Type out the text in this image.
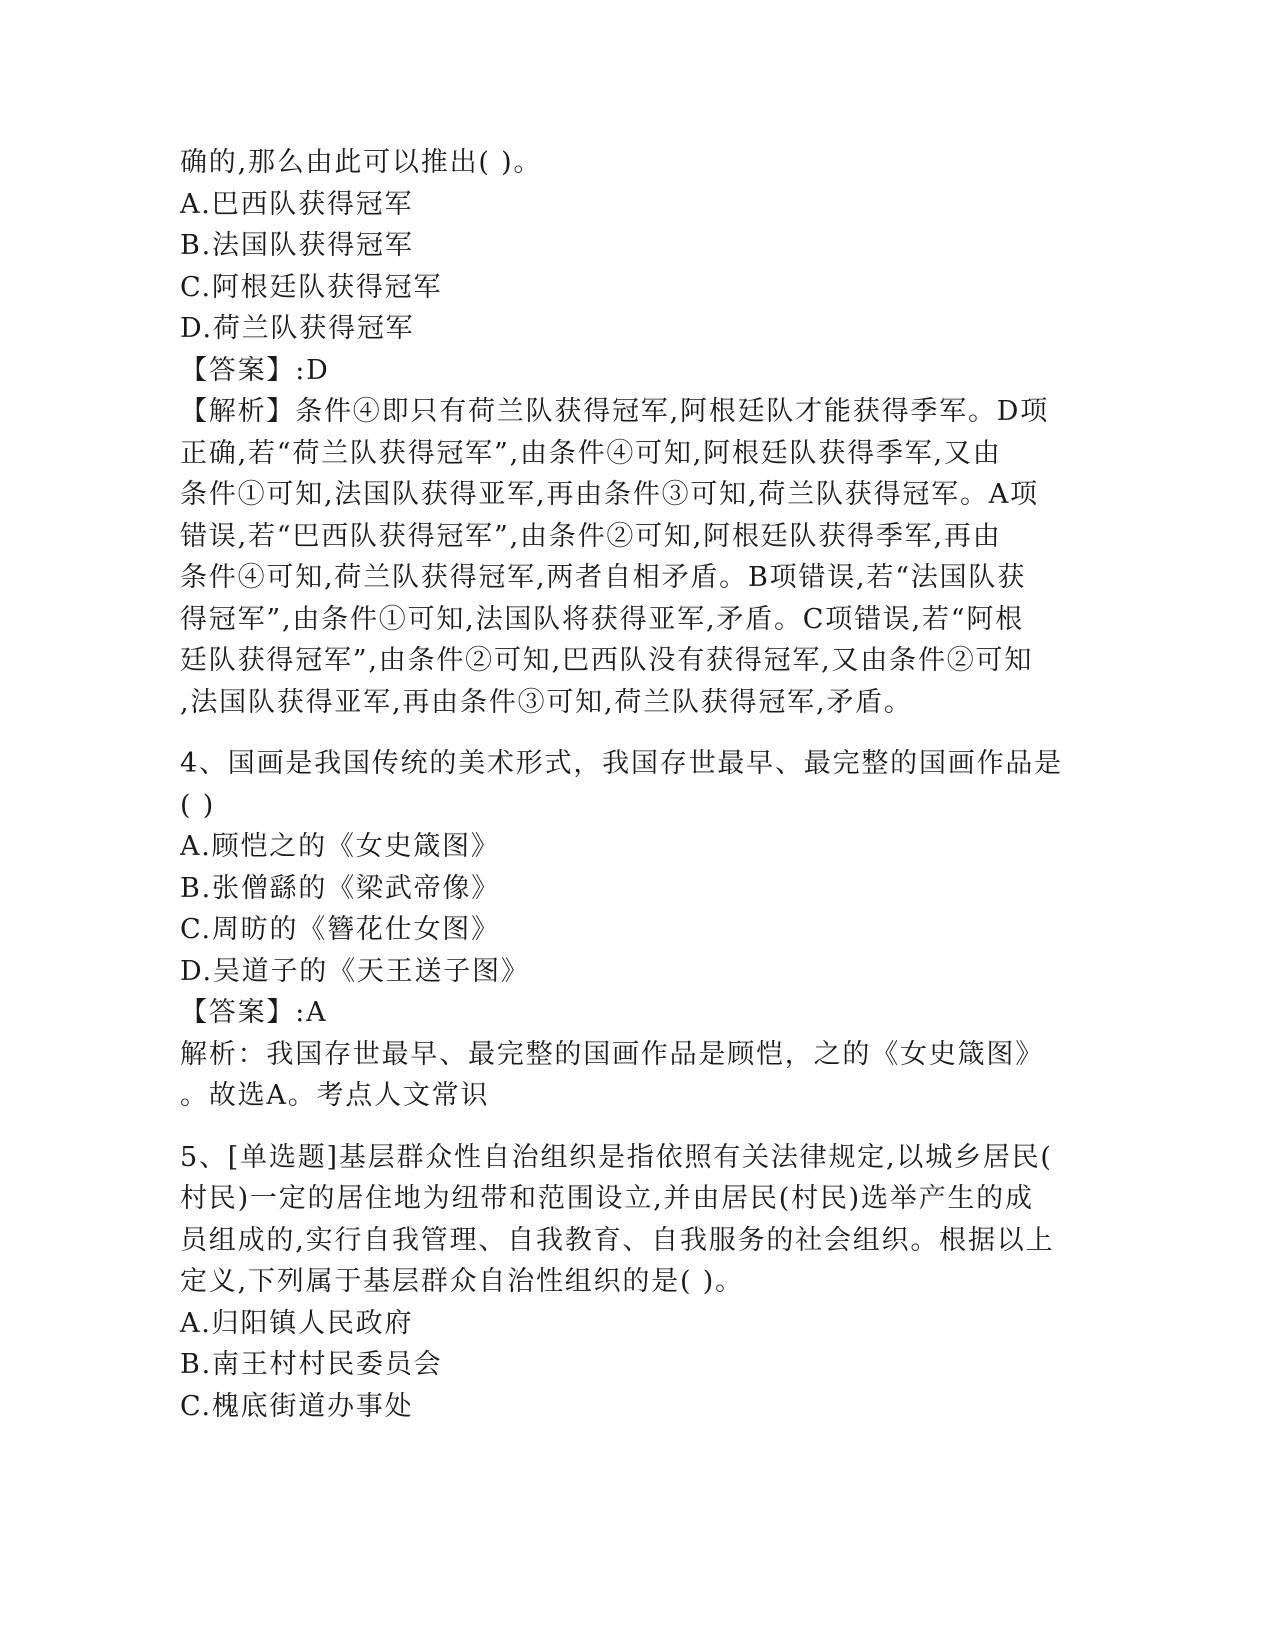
确的,那么由此可以推出( )。

A.巴西队获得冠军

B.法国队获得冠军

C.阿根廷队获得冠军

D.荷兰队获得冠军

【答案】:D

【解析】条件④即只有荷兰队获得冠军,阿根廷队才能获得季军。D项

正确,若“荷兰队获得冠军”,由条件④可知,阿根廷队获得季军,又由

条件①可知,法国队获得亚军,再由条件③可知,荷兰队获得冠军。A项

错误,若“巴西队获得冠军”,由条件②可知,阿根廷队获得季军,再由

条件④可知,荷兰队获得冠军,两者自相矛盾。B项错误,若“法国队获

得冠军”,由条件①可知,法国队将获得亚军,矛盾。C项错误,若“阿根

廷队获得冠军”,由条件②可知,巴西队没有获得冠军,又由条件②可知

,法国队获得亚军,再由条件③可知,荷兰队获得冠军,矛盾。

4、国画是我国传统的美术形式，我国存世最早、最完整的国画作品是

( )

A.顾恺之的《女史箴图》

B.张僧繇的《梁武帝像》

C.周昉的《簪花仕女图》

D.吴道子的《天王送子图》

【答案】:A

解析：我国存世最早、最完整的国画作品是顾恺，之的《女史箴图》

。故选A。考点人文常识

5、[单选题]基层群众性自治组织是指依照有关法律规定,以城乡居民(

村民)一定的居住地为纽带和范围设立,并由居民(村民)选举产生的成

员组成的,实行自我管理、自我教育、自我服务的社会组织。根据以上

定义,下列属于基层群众自治性组织的是( )。

A.归阳镇人民政府

B.南王村村民委员会

C.槐底街道办事处
